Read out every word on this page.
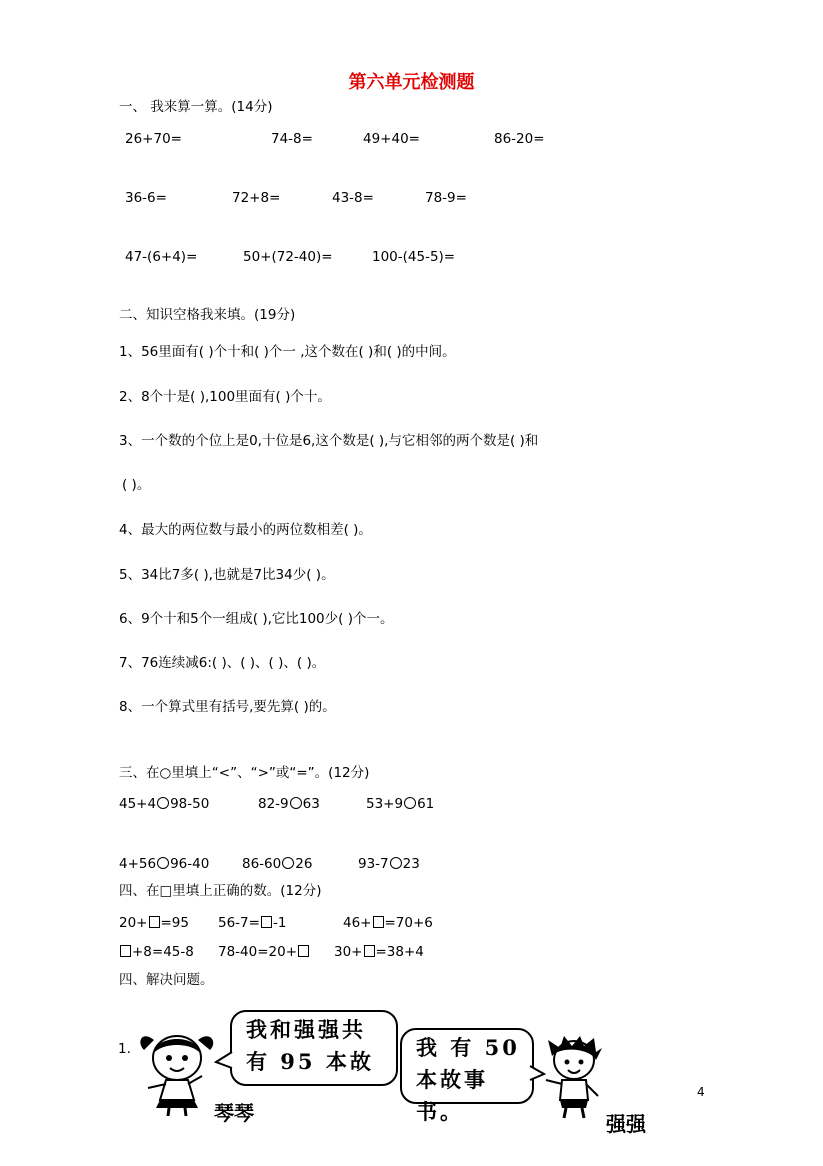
第六单元检测题
一、 我来算一算。(14分)
26+70=	74-8=	49+40=	86-20=
36-6=	72+8=	43-8=	78-9=
47-(6+4)=	50+(72-40)=	100-(45-5)=
二、知识空格我来填。(19分)
1、56里面有( )个十和( )个一 ,这个数在( )和( )的中间。
2、8个十是( ),100里面有( )个十。
3、一个数的个位上是0,十位是6,这个数是( ),与它相邻的两个数是( )和
( )。
4、最大的两位数与最小的两位数相差( )。
5、34比7多( ),也就是7比34少( )。
6、9个十和5个一组成( ),它比100少( )个一。
7、76连续减6:( )、( )、( )、( )。
8、一个算式里有括号,要先算( )的。
三、在○里填上“<”、“>”或“=”。(12分)
45+4 98-50	82-9 63	53+9 61
4+56 96-40 86-60 26	93-7 23
四、在□里填上正确的数。(12分)
20+ =95 56-7= -1	46+ =70+6
+8=45-8 78-40=20+	30+ =38+4
四、解决问题。
1.
我和强强共
有 95 本故
琴琴
我 有 50
本故事书。	强强
4
